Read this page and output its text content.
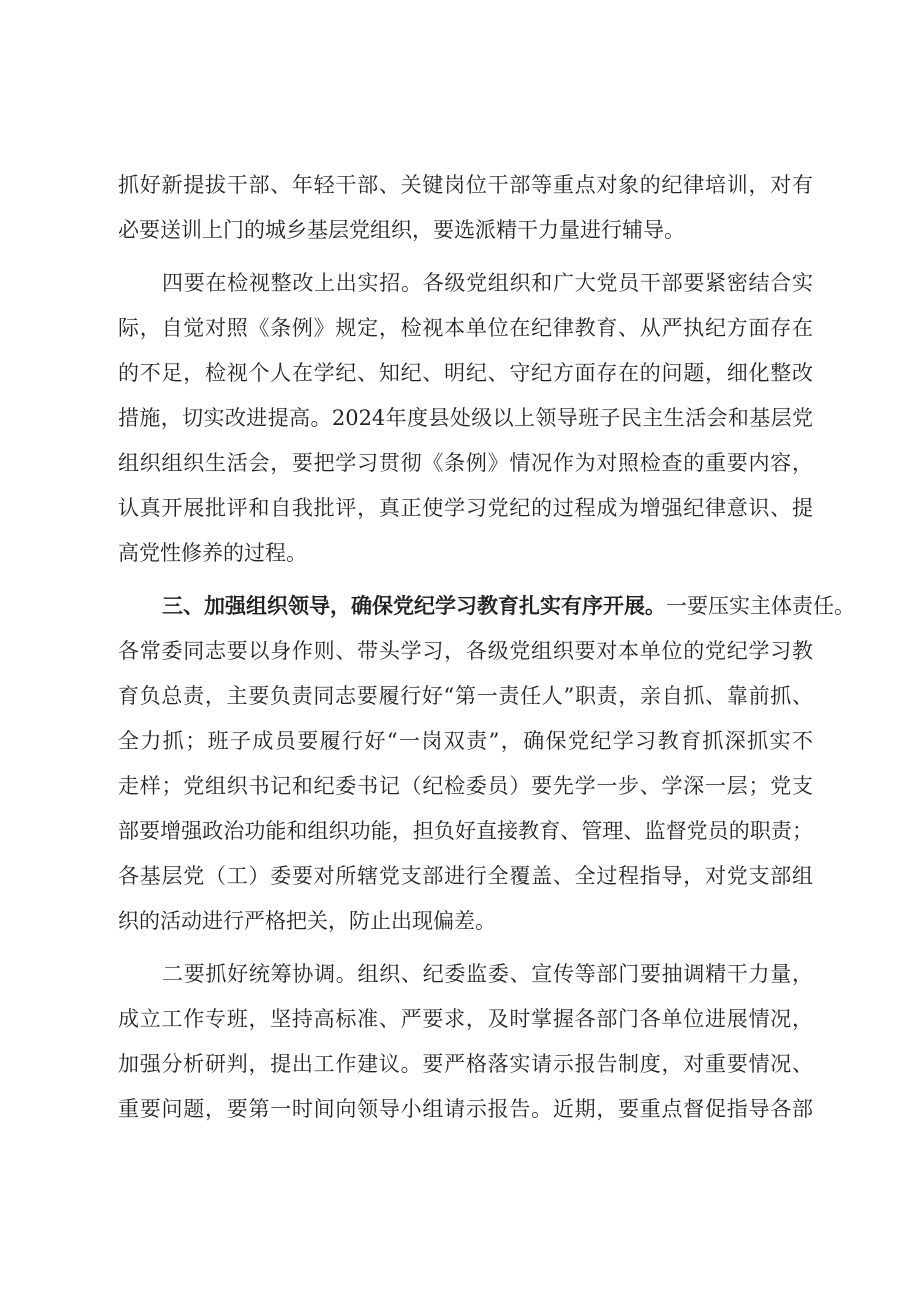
抓好新提拔干部、年轻干部、关键岗位干部等重点对象的纪律培训，对有
必要送训上门的城乡基层党组织，要选派精干力量进行辅导。
四要在检视整改上出实招。各级党组织和广大党员干部要紧密结合实
际，自觉对照《条例》规定，检视本单位在纪律教育、从严执纪方面存在
的不足，检视个人在学纪、知纪、明纪、守纪方面存在的问题，细化整改
措施，切实改进提高。2024年度县处级以上领导班子民主生活会和基层党
组织组织生活会，要把学习贯彻《条例》情况作为对照检查的重要内容，
认真开展批评和自我批评，真正使学习党纪的过程成为增强纪律意识、提
高党性修养的过程。
三、加强组织领导，确保党纪学习教育扎实有序开展。一要压实主体责任。
各常委同志要以身作则、带头学习，各级党组织要对本单位的党纪学习教
育负总责，主要负责同志要履行好“第一责任人”职责，亲自抓、靠前抓、
全力抓；班子成员要履行好“一岗双责”，确保党纪学习教育抓深抓实不
走样；党组织书记和纪委书记（纪检委员）要先学一步、学深一层；党支
部要增强政治功能和组织功能，担负好直接教育、管理、监督党员的职责；
各基层党（工）委要对所辖党支部进行全覆盖、全过程指导，对党支部组
织的活动进行严格把关，防止出现偏差。
二要抓好统筹协调。组织、纪委监委、宣传等部门要抽调精干力量，
成立工作专班，坚持高标准、严要求，及时掌握各部门各单位进展情况，
加强分析研判，提出工作建议。要严格落实请示报告制度，对重要情况、
重要问题，要第一时间向领导小组请示报告。近期，要重点督促指导各部
